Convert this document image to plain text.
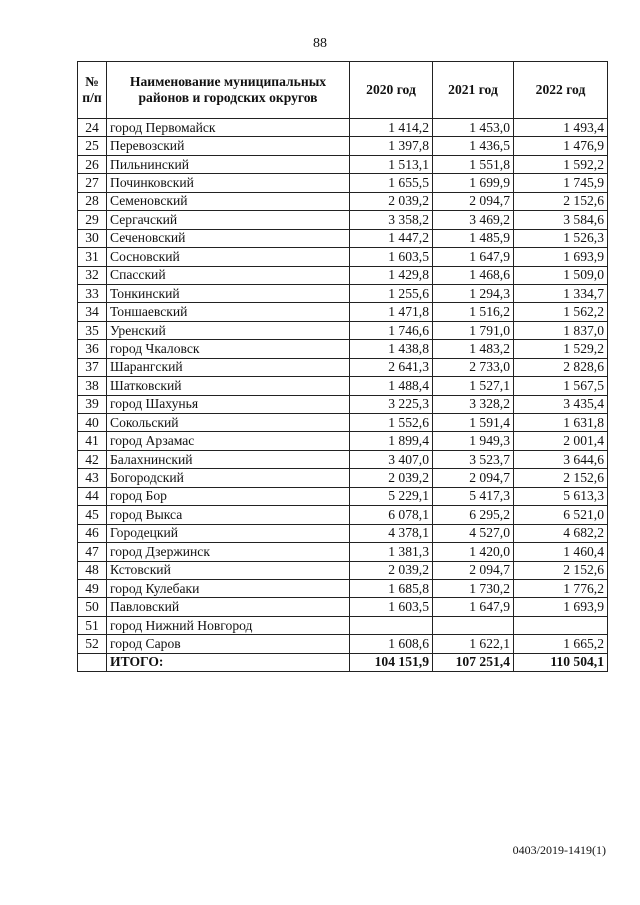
88
№
п/п	Наименование муниципальных районов и городских округов	2020 год	2021 год	2022 год
24	город Первомайск	1 414,2	1 453,0	1 493,4
25	Перевозский	1 397,8	1 436,5	1 476,9
26	Пильнинский	1 513,1	1 551,8	1 592,2
27	Починковский	1 655,5	1 699,9	1 745,9
28	Семеновский	2 039,2	2 094,7	2 152,6
29	Сергачский	3 358,2	3 469,2	3 584,6
30	Сеченовский	1 447,2	1 485,9	1 526,3
31	Сосновский	1 603,5	1 647,9	1 693,9
32	Спасский	1 429,8	1 468,6	1 509,0
33	Тонкинский	1 255,6	1 294,3	1 334,7
34	Тоншаевский	1 471,8	1 516,2	1 562,2
35	Уренский	1 746,6	1 791,0	1 837,0
36	город Чкаловск	1 438,8	1 483,2	1 529,2
37	Шарангский	2 641,3	2 733,0	2 828,6
38	Шатковский	1 488,4	1 527,1	1 567,5
39	город Шахунья	3 225,3	3 328,2	3 435,4
40	Сокольский	1 552,6	1 591,4	1 631,8
41	город Арзамас	1 899,4	1 949,3	2 001,4
42	Балахнинский	3 407,0	3 523,7	3 644,6
43	Богородский	2 039,2	2 094,7	2 152,6
44	город Бор	5 229,1	5 417,3	5 613,3
45	город Выкса	6 078,1	6 295,2	6 521,0
46	Городецкий	4 378,1	4 527,0	4 682,2
47	город Дзержинск	1 381,3	1 420,0	1 460,4
48	Кстовский	2 039,2	2 094,7	2 152,6
49	город Кулебаки	1 685,8	1 730,2	1 776,2
50	Павловский	1 603,5	1 647,9	1 693,9
51	город Нижний Новгород			
52	город Саров	1 608,6	1 622,1	1 665,2
	ИТОГО:	104 151,9	107 251,4	110 504,1
0403/2019-1419(1)
